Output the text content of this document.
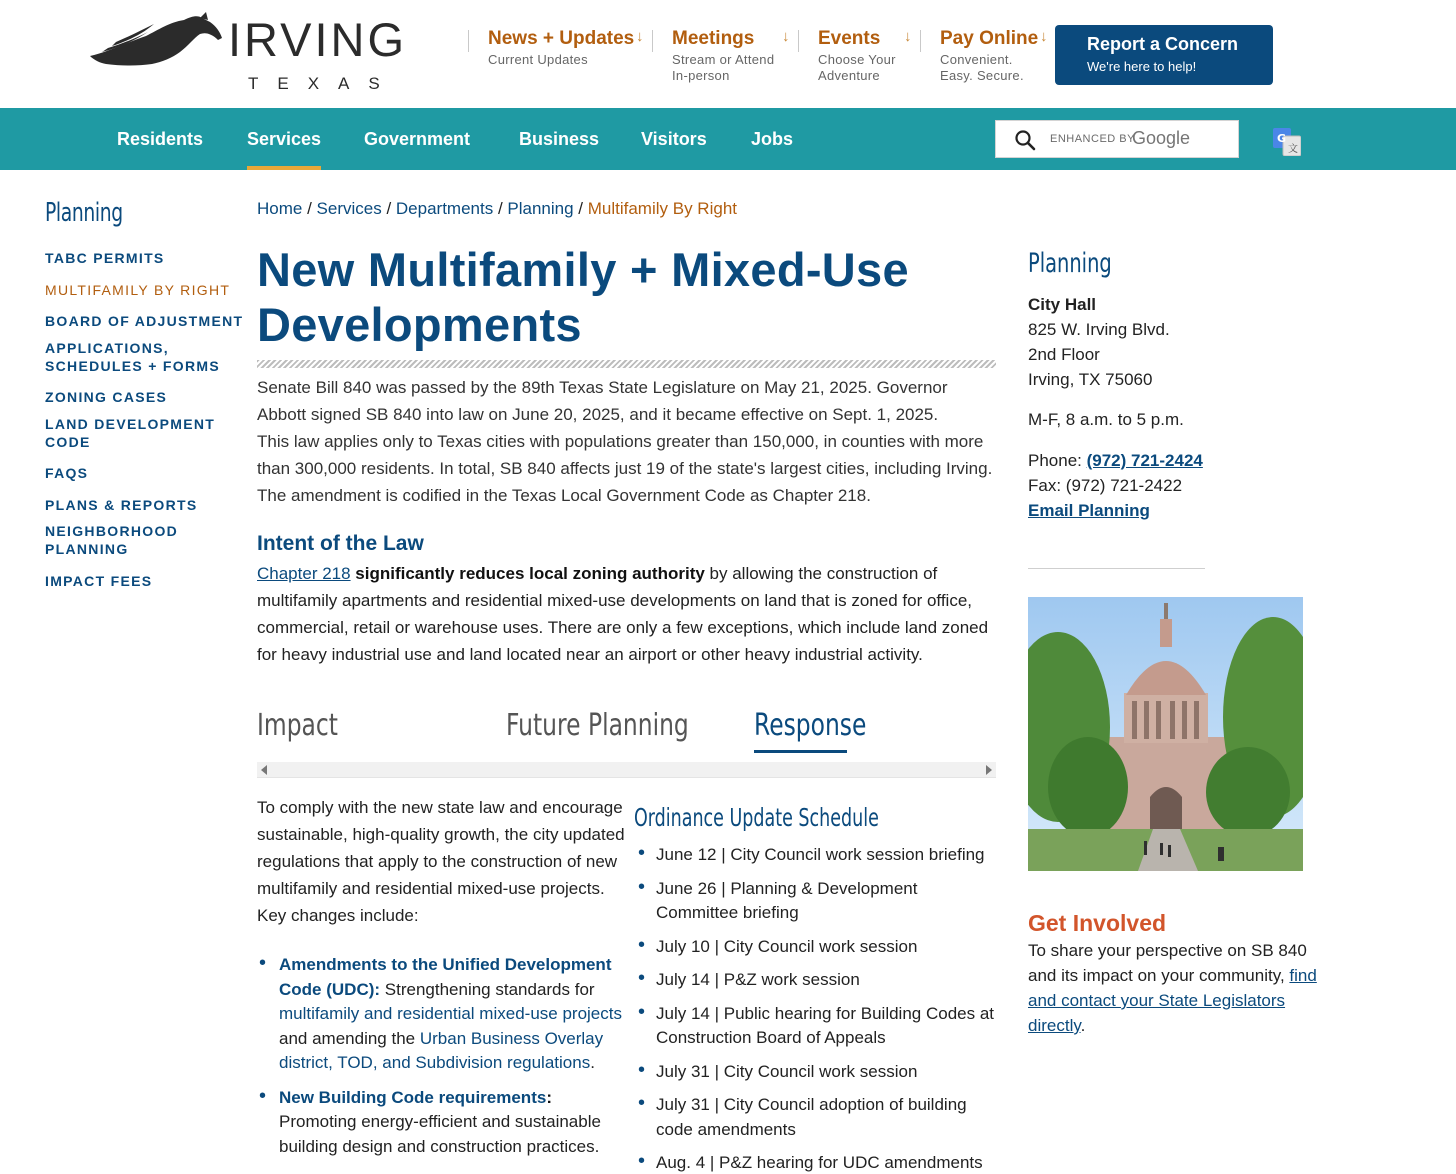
IRVING
TEXAS
News + Updates
Current Updates
↓ Meetings
Stream or Attend
In-person
↓ Events
Choose Your
Adventure
↓ Pay Online
Convenient.
Easy. Secure.
↓ Report a Concern
We're here to help!
Residents Services Government	Business Visitors Jobs	ENHANCED BY
Google	G
文
Planning
TABC PERMITS
MULTIFAMILY BY RIGHT
BOARD OF ADJUSTMENT
APPLICATIONS,
SCHEDULES + FORMS
ZONING CASES
LAND DEVELOPMENT
CODE
FAQS
PLANS & REPORTS
NEIGHBORHOOD
PLANNING
IMPACT FEES
Home / Services / Departments / Planning / Multifamily By Right
New Multifamily + Mixed-Use
Developments

Senate Bill 840 was passed by the 89th Texas State Legislature on May 21, 2025. Governor Abbott signed SB 840 into law on June 20, 2025, and it became effective on Sept. 1, 2025.

This law applies only to Texas cities with populations greater than 150,000, in counties with more than 300,000 residents. In total, SB 840 affects just 19 of the state's largest cities, including Irving. The amendment is codified in the Texas Local Government Code as Chapter 218.

Intent of the Law

Chapter 218 significantly reduces local zoning authority by allowing the construction of multifamily apartments and residential mixed-use developments on land that is zoned for office, commercial, retail or warehouse uses. There are only a few exceptions, which include land zoned for heavy industrial use and land located near an airport or other heavy industrial activity.

Impact	Future Planning Response

To comply with the new state law and encourage sustainable, high-quality growth, the city updated regulations that apply to the construction of new multifamily and residential mixed-use projects. Key changes include:

• Amendments to the Unified Development Code (UDC): Strengthening standards for multifamily and residential mixed-use projects and amending the Urban Business Overlay district, TOD, and Subdivision regulations.
• New Building Code requirements: Promoting energy-efficient and sustainable building design and construction practices.
Ordinance Update Schedule
• June 12 | City Council work session briefing
• June 26 | Planning & Development Committee briefing
• July 10 | City Council work session
• July 14 | P&Z work session
• July 14 | Public hearing for Building Codes at Construction Board of Appeals
• July 31 | City Council work session
• July 31 | City Council adoption of building code amendments
• Aug. 4 | P&Z hearing for UDC amendments
Planning
City Hall
825 W. Irving Blvd.
2nd Floor
Irving, TX 75060
M-F, 8 a.m. to 5 p.m.
Phone: (972) 721-2424
Fax: (972) 721-2422
Email Planning
Get Involved

To share your perspective on SB 840 and its impact on your community, find and contact your State Legislators directly.
